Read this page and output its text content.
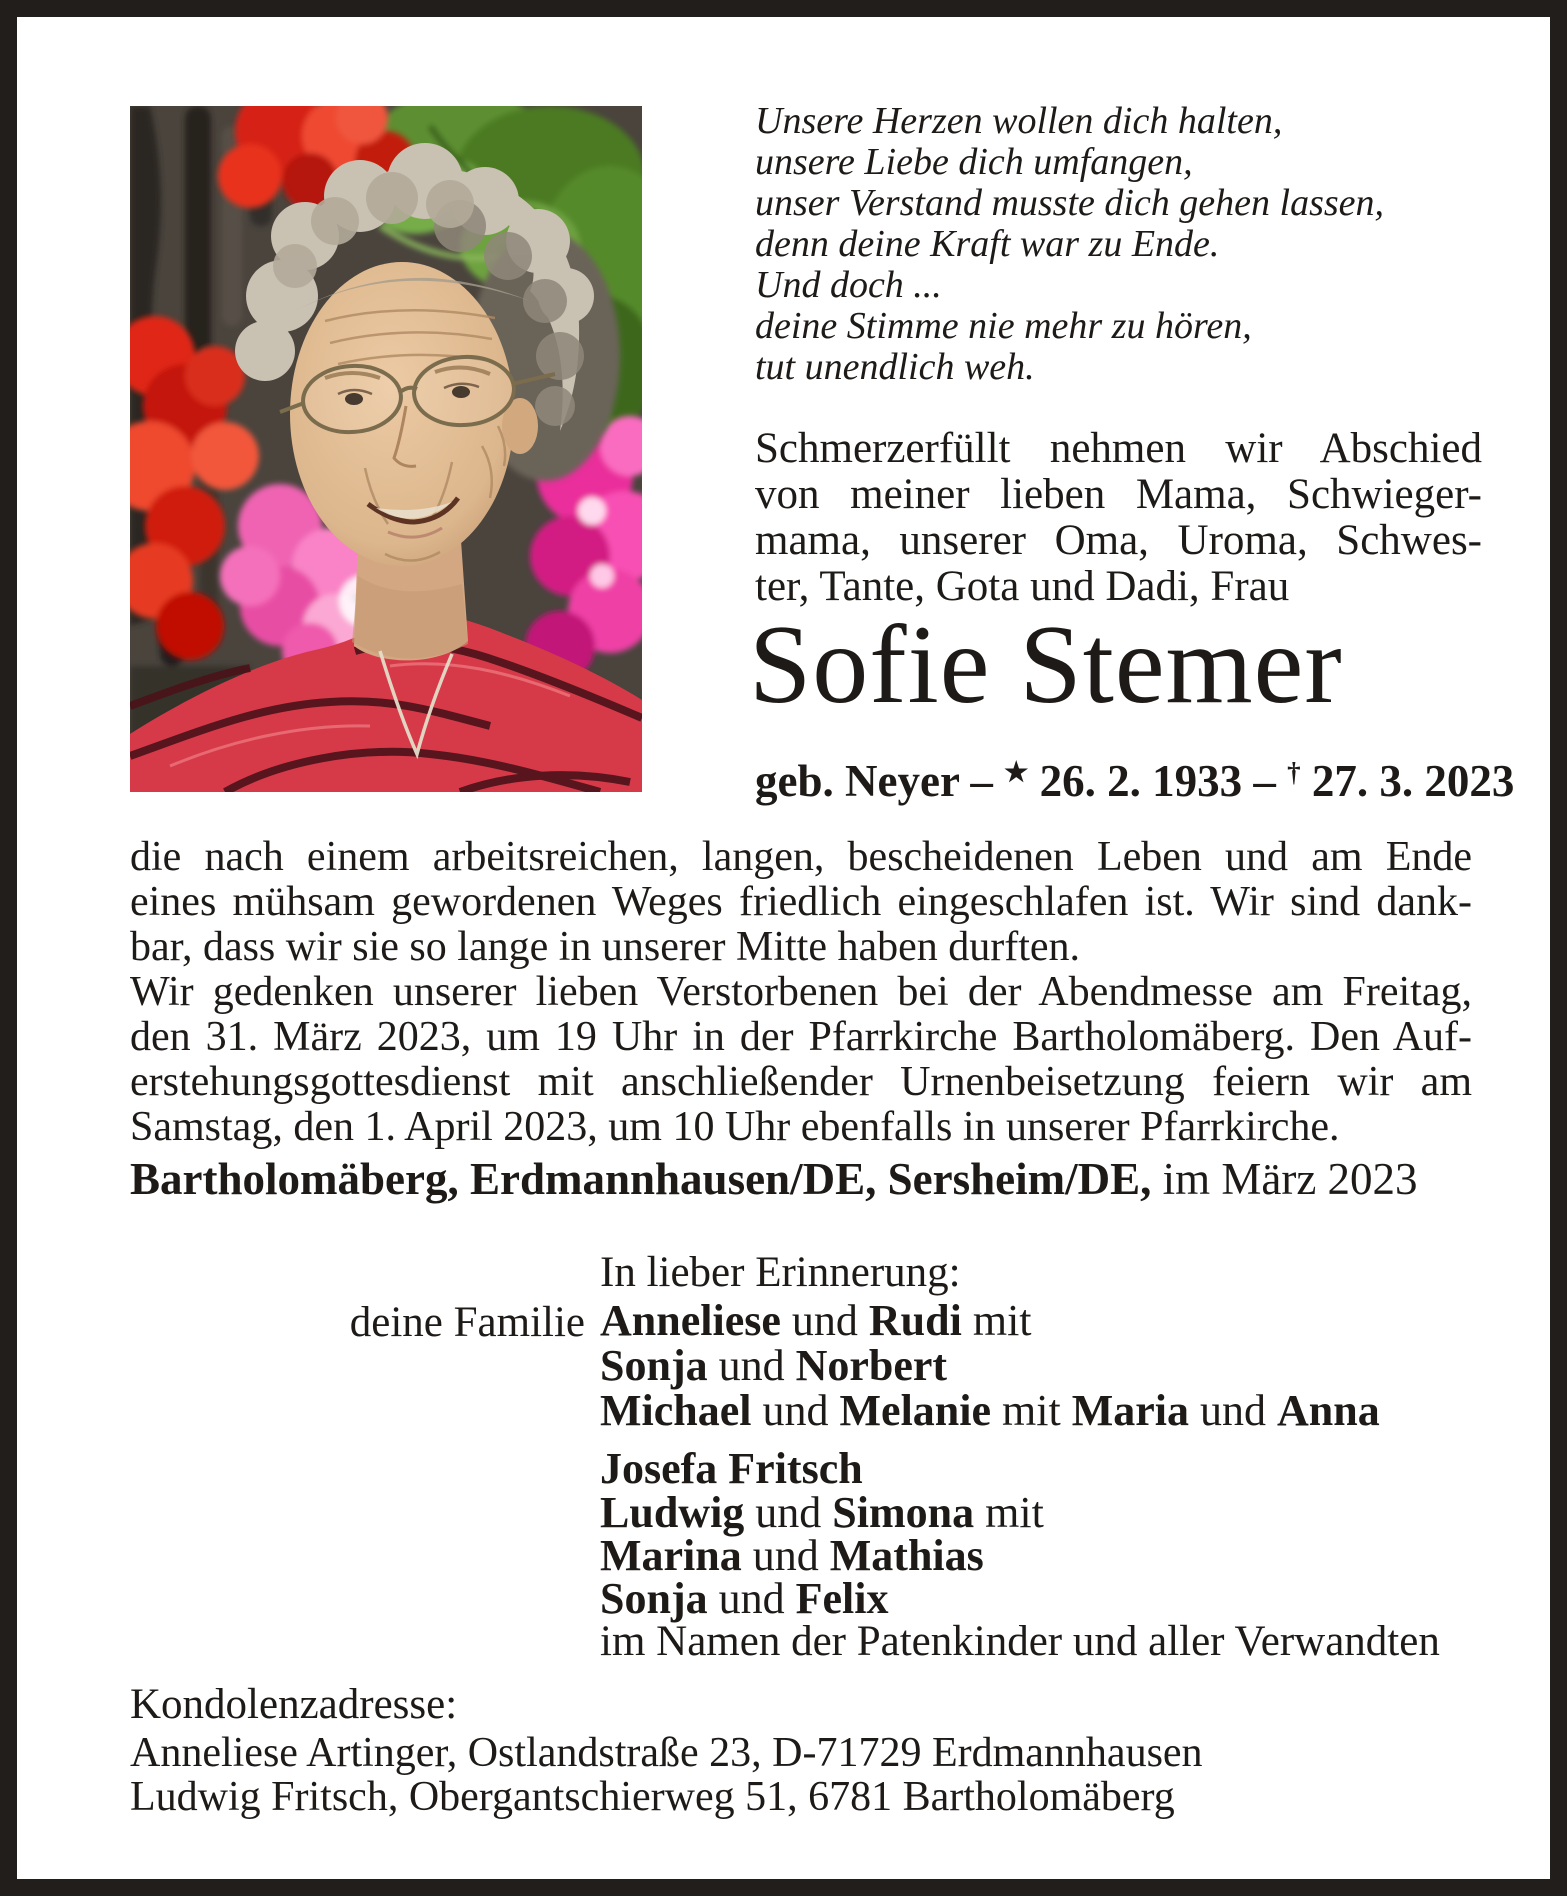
Unsere Herzen wollen dich halten,
unsere Liebe dich umfangen,
unser Verstand musste dich gehen lassen,
denn deine Kraft war zu Ende.
Und doch ...
deine Stimme nie mehr zu hören,
tut unendlich weh.
Schmerzerfüllt nehmen wir Abschied
von meiner lieben Mama, Schwieger-
mama, unserer Oma, Uroma, Schwes-
ter, Tante, Gota und Dadi, Frau
Sofie Stemer
geb. Neyer – ★ 26. 2. 1933 – † 27. 3. 2023
die nach einem arbeitsreichen, langen, bescheidenen Leben und am Ende
eines mühsam gewordenen Weges friedlich eingeschlafen ist. Wir sind dank-
bar, dass wir sie so lange in unserer Mitte haben durften.
Wir gedenken unserer lieben Verstorbenen bei der Abendmesse am Freitag,
den 31. März 2023, um 19 Uhr in der Pfarrkirche Bartholomäberg. Den Auf-
erstehungsgottesdienst mit anschließender Urnenbeisetzung feiern wir am
Samstag, den 1. April 2023, um 10 Uhr ebenfalls in unserer Pfarrkirche.
Bartholomäberg, Erdmannhausen/DE, Sersheim/DE, im März 2023
In lieber Erinnerung:
deine Familie Anneliese und Rudi mit
Sonja und Norbert
Michael und Melanie mit Maria und Anna
Josefa Fritsch
Ludwig und Simona mit
Marina und Mathias
Sonja und Felix
im Namen der Patenkinder und aller Verwandten
Kondolenzadresse:
Anneliese Artinger, Ostlandstraße 23, D-71729 Erdmannhausen
Ludwig Fritsch, Obergantschierweg 51, 6781 Bartholomäberg
